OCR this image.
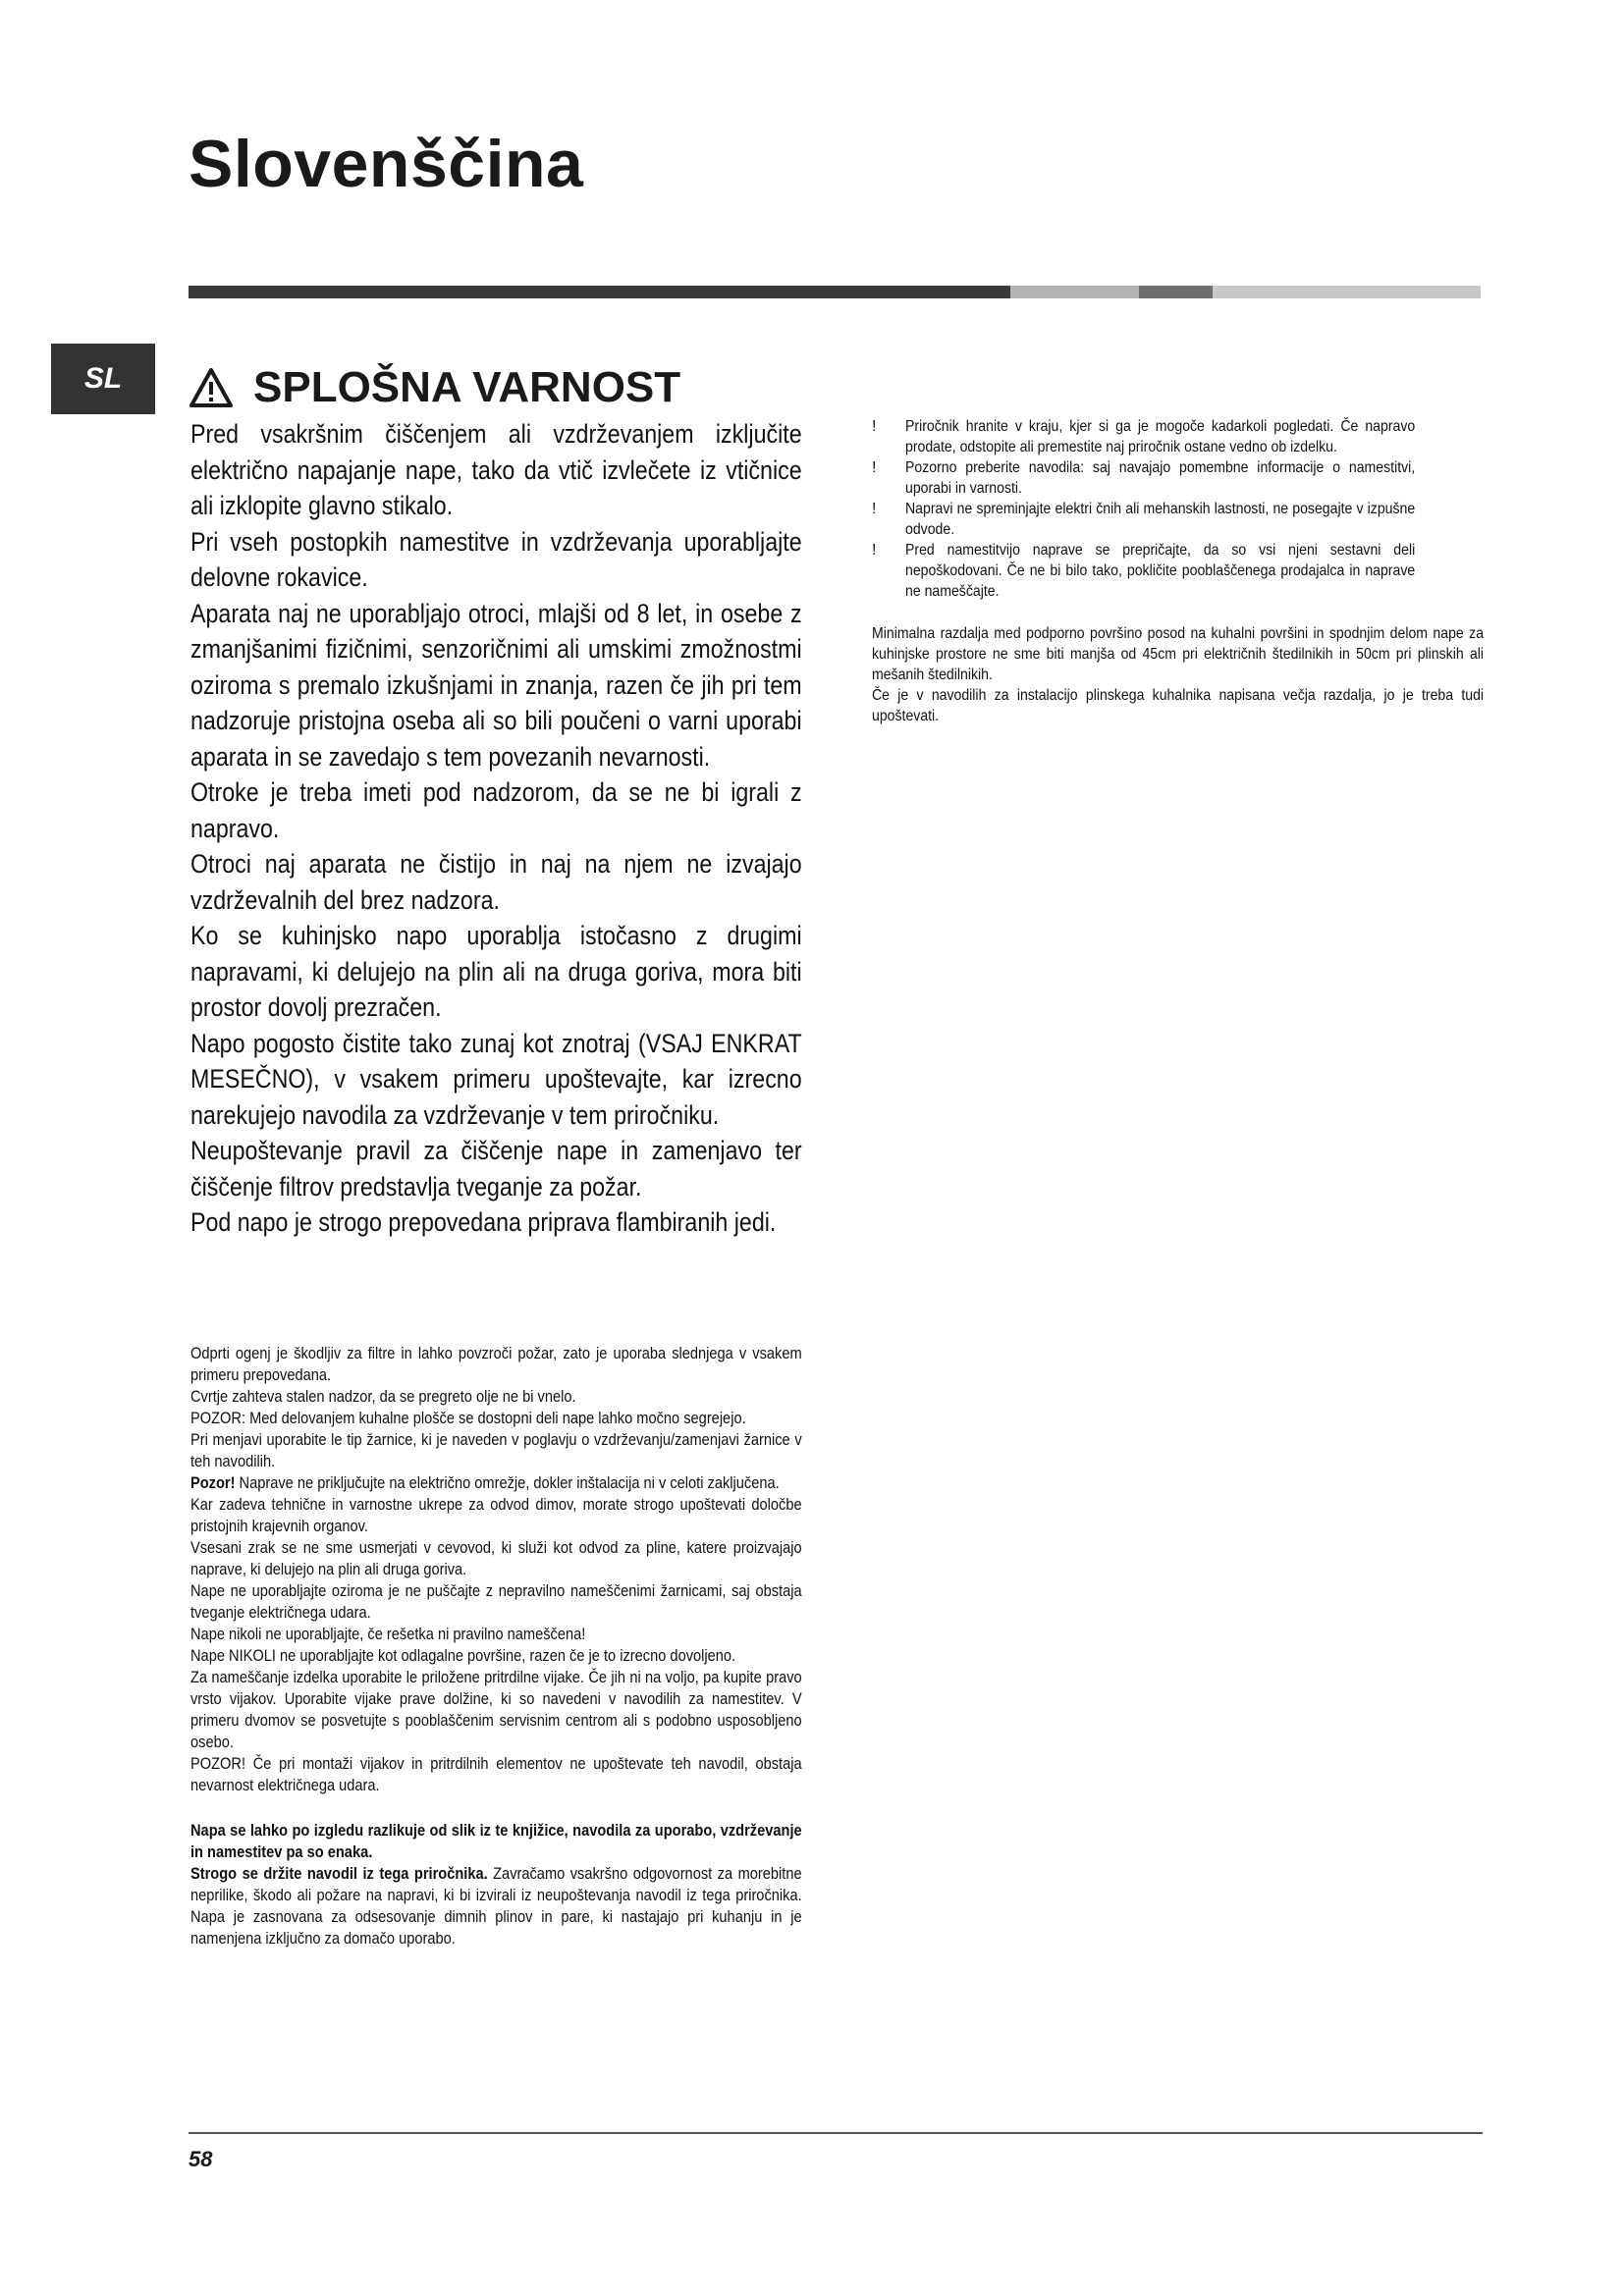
Slovenščina
SL	SPLOŠNA VARNOST

Pred vsakršnim čiščenjem ali vzdrževanjem izključite električno napajanje nape, tako da vtič izvlečete iz vtičnice ali izklopite glavno stikalo.

Pri vseh postopkih namestitve in vzdrževanja uporabljajte delovne rokavice.

Aparata naj ne uporabljajo otroci, mlajši od 8 let, in osebe z zmanjšanimi fizičnimi, senzoričnimi ali umskimi zmožnostmi oziroma s premalo izkušnjami in znanja, razen če jih pri tem nadzoruje pristojna oseba ali so bili poučeni o varni uporabi aparata in se zavedajo s tem povezanih nevarnosti.

Otroke je treba imeti pod nadzorom, da se ne bi igrali z napravo.

Otroci naj aparata ne čistijo in naj na njem ne izvajajo vzdrževalnih del brez nadzora.

Ko se kuhinjsko napo uporablja istočasno z drugimi napravami, ki delujejo na plin ali na druga goriva, mora biti prostor dovolj prezračen.

Napo pogosto čistite tako zunaj kot znotraj (VSAJ ENKRAT MESEČNO), v vsakem primeru upoštevajte, kar izrecno narekujejo navodila za vzdrževanje v tem priročniku.

Neupoštevanje pravil za čiščenje nape in zamenjavo ter čiščenje filtrov predstavlja tveganje za požar.

Pod napo je strogo prepovedana priprava flambiranih jedi.

Odprti ogenj je škodljiv za filtre in lahko povzroči požar, zato je uporaba slednjega v vsakem primeru prepovedana.

Cvrtje zahteva stalen nadzor, da se pregreto olje ne bi vnelo.

POZOR: Med delovanjem kuhalne plošče se dostopni deli nape lahko močno segrejejo.

Pri menjavi uporabite le tip žarnice, ki je naveden v poglavju o vzdrževanju/zamenjavi žarnice v teh navodilih.

Pozor! Naprave ne priključujte na električno omrežje, dokler inštalacija ni v celoti zaključena.

Kar zadeva tehnične in varnostne ukrepe za odvod dimov, morate strogo upoštevati določbe pristojnih krajevnih organov.

Vsesani zrak se ne sme usmerjati v cevovod, ki služi kot odvod za pline, katere proizvajajo naprave, ki delujejo na plin ali druga goriva.

Nape ne uporabljajte oziroma je ne puščajte z nepravilno nameščenimi žarnicami, saj obstaja tveganje električnega udara.

Nape nikoli ne uporabljajte, če rešetka ni pravilno nameščena!

Nape NIKOLI ne uporabljajte kot odlagalne površine, razen če je to izrecno dovoljeno.

Za nameščanje izdelka uporabite le priložene pritrdilne vijake. Če jih ni na voljo, pa kupite pravo vrsto vijakov. Uporabite vijake prave dolžine, ki so navedeni v navodilih za namestitev. V primeru dvomov se posvetujte s pooblaščenim servisnim centrom ali s podobno usposobljeno osebo.

POZOR! Če pri montaži vijakov in pritrdilnih elementov ne upoštevate teh navodil, obstaja nevarnost električnega udara.

Napa se lahko po izgledu razlikuje od slik iz te knjižice, navodila za uporabo, vzdrževanje in namestitev pa so enaka.

Strogo se držite navodil iz tega priročnika. Zavračamo vsakršno odgovornost za morebitne neprilike, škodo ali požare na napravi, ki bi izvirali iz neupoštevanja navodil iz tega priročnika. Napa je zasnovana za odsesovanje dimnih plinov in pare, ki nastajajo pri kuhanju in je namenjena izključno za domačo uporabo.

!	Priročnik hranite v kraju, kjer si ga je mogoče kadarkoli pogledati. Če napravo prodate, odstopite ali premestite naj priročnik ostane vedno ob izdelku.
!	Pozorno preberite navodila: saj navajajo pomembne informacije o namestitvi, uporabi in varnosti.
!	Napravi ne spreminjajte elektri čnih ali mehanskih lastnosti, ne posegajte v izpušne odvode.
!	Pred namestitvijo naprave se prepričajte, da so vsi njeni sestavni deli nepoškodovani. Če ne bi bilo tako, pokličite pooblaščenega prodajalca in naprave ne nameščajte.

Minimalna razdalja med podporno površino posod na kuhalni površini in spodnjim delom nape za kuhinjske prostore ne sme biti manjša od 45cm pri električnih štedilnikih in 50cm pri plinskih ali mešanih štedilnikih.

Če je v navodilih za instalacijo plinskega kuhalnika napisana večja razdalja, jo je treba tudi upoštevati.

58
